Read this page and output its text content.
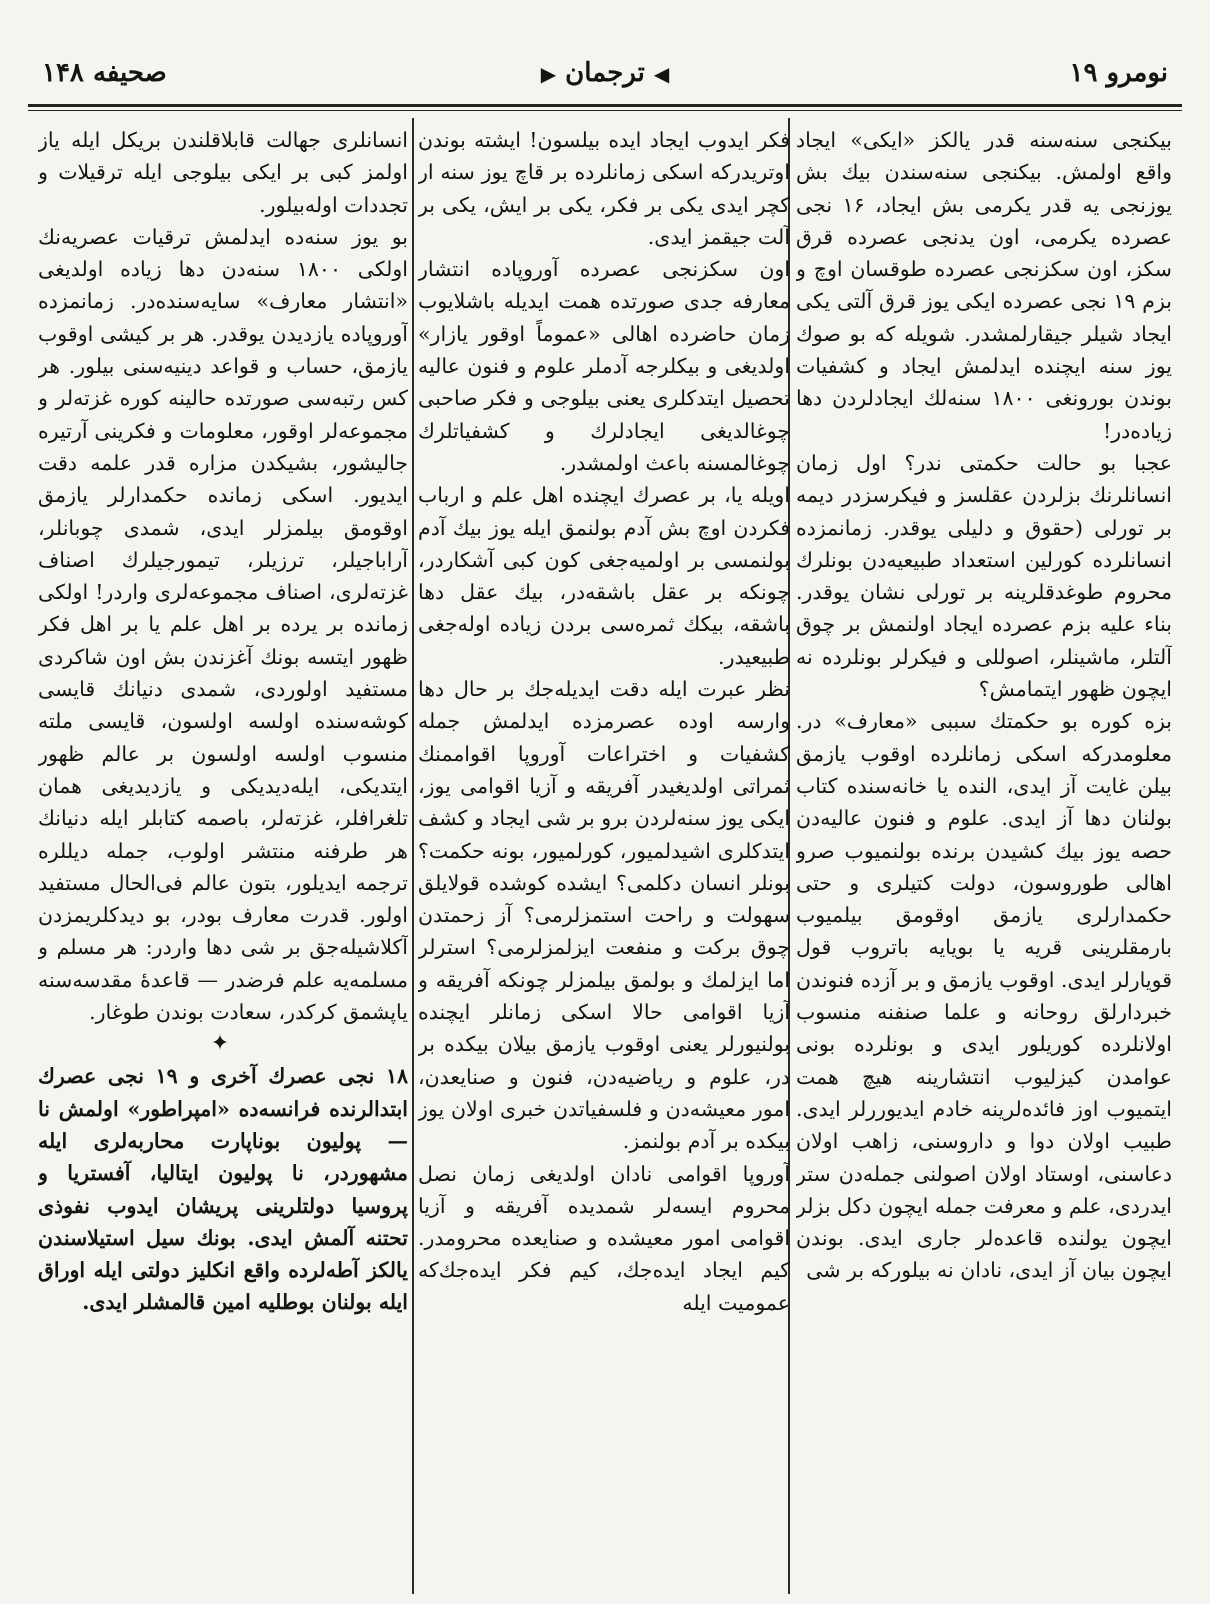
صحیفه ۱۴۸	◀ ترجمان ▶	نومرو ۱۹

بیکنجی سنه‌سنه قدر یالکز «ایکی» ایجاد واقع اولمش. بیکنجی سنه‌سندن بیك بش یوزنجی یه قدر یکرمی بش ایجاد، ۱۶ نجی عصرده یکرمی، اون یدنجی عصرده قرق سکز، اون سکزنجی عصرده طوقسان اوچ و بزم ۱۹ نجی عصرده ایکی یوز قرق آلتی یکی ایجاد شیلر جیقارلمشدر. شویله که بو صوك یوز سنه ایچنده ایدلمش ایجاد و کشفیات بوندن بورونغی ۱۸۰۰ سنه‌لك ایجادلردن دها زیاده‌در!

عجبا بو حالت حکمتی ندر؟ اول زمان انسانلرنك بزلردن عقلسز و فیکرسزدر دیمه بر تورلی (حقوق و دلیلی یوقدر. زمانمزده انسانلرده کورلین استعداد طبیعیه‌دن بونلرك محروم طوغدقلرینه بر تورلی نشان یوقدر. بناء علیه بزم عصرده ایجاد اولنمش بر چوق آلتلر، ماشینلر، اصوللی و فیکرلر بونلرده نه ایچون ظهور ایتمامش؟

بزه کوره بو حکمتك سببی «معارف» در. معلومدرکه اسکی زمانلرده اوقوب یازمق بیلن غایت آز ایدی، الندە یا خانه‌سنده کتاب بولنان دها آز ایدی. علوم و فنون عالیه‌دن حصه یوز بیك کشیدن برنده بولنمیوب صرو اهالی طوروسون، دولت کتیلری و حتی حکمدارلری یازمق اوقومق بیلمیوب بارمقلرینی قریه یا بویایه باتروب قول قویارلر ایدی. اوقوب یازمق و بر آزده فنوندن خبردارلق روحانه و علما صنفنه منسوب اولانلرده کوریلور ایدی و بونلرده بونی عوامدن کیزلیوب انتشارینه هیچ همت ایتمیوب اوز فائده‌لرینه خادم ایدیوررلر ایدی. طبیب اولان دوا و داروسنی، زاهب اولان دعاسنی، اوستاد اولان اصولنی جمله‌دن ستر ایدردی، علم و معرفت جمله ایچون دکل بزلر ایچون یولنده قاعده‌لر جاری ایدی. بوندن ایچون بیان آز ایدی، نادان نه بیلورکه بر شی

فکر ایدوب ایجاد ایده بیلسون! ایشته بوندن اوتریدرکه اسکی زمانلرده بر قاچ یوز سنه ار کچر ایدی یکی بر فکر، یکی بر ایش، یکی بر آلت جیقمز ایدی.

اون سکزنجی عصرده آوروپاده انتشار معارفه جدی صورتده همت ایدیله باشلایوب زمان حاضرده اهالی «عموماً اوقور یازار» اولدیغی و بیکلرجه آدملر علوم و فنون عالیه تحصیل ایتدکلری یعنی بیلوجی و فکر صاحبی چوغالدیغی ایجادلرك و کشفیاتلرك چوغالمسنه باعث اولمشدر.

اویله یا، بر عصرك ایچنده اهل علم و ارباب فکردن اوچ بش آدم بولنمق ایله یوز بیك آدم بولنمسی بر اولمیه‌جغی کون کبی آشکاردر، چونکه بر عقل باشقه‌در، بیك عقل دها باشقه، بیکك ثمره‌سی بردن زیاده اوله‌جغی طبیعیدر.

نظر عبرت ایله دقت ایدیله‌جك بر حال دها وارسه اوده عصرمزده ایدلمش جمله کشفیات و اختراعات آوروپا اقواممنك ثمراتی اولدیغیدر آفریقه و آزیا اقوامی یوز، ایکی یوز سنه‌لردن برو بر شی ایجاد و کشف ایتدکلری اشیدلمیور، کورلمیور، بونه حکمت؟ بونلر انسان دکلمی؟ ایشده کوشده قولایلق سهولت و راحت استمزلرمی؟ آز زحمتدن چوق برکت و منفعت ایزلمزلرمی؟ استرلر اما ایزلمك و بولمق بیلمزلر چونکه آفریقه و آزیا اقوامی حالا اسکی زمانلر ایچنده بولنیورلر یعنی اوقوب یازمق بیلان بیکده بر در، علوم و ریاضیه‌دن، فنون و صنایعدن، امور معیشه‌دن و فلسفیاتدن خبری اولان یوز بیکده بر آدم بولنمز.

آوروپا اقوامی نادان اولدیغی زمان نصل محروم ایسه‌لر شمدیده آفریقه و آزیا اقوامی امور معیشده و صنایعده محرومدر. کیم ایجاد ایده‌جك، کیم فکر ایده‌جك‌که عمومیت ایله

انسانلری جهالت قابلاقلندن بریکل ایله یاز اولمز کبی بر ایکی بیلوجی ایله ترقیلات و تجددات اوله‌بیلور.

بو یوز سنه‌ده ایدلمش ترقیات عصریه‌نك اولکی ۱۸۰۰ سنه‌دن دها زیاده اولدیغی «انتشار معارف» سایه‌سنده‌در. زمانمزده آوروپاده یازدیدن یوقدر. هر بر کیشی اوقوب یازمق، حساب و قواعد دینیه‌سنی بیلور. هر کس رتبه‌سی صورتده حالینه کوره غزته‌لر و مجموعه‌لر اوقور، معلومات و فکرینی آرتیره جالیشور، بشیکدن مزاره قدر علمه دقت ایدیور. اسکی زمانده حکمدارلر یازمق اوقومق بیلمزلر ایدی، شمدی چوبانلر، آراباجیلر، ترزیلر، تیمورجیلرك اصناف غزته‌لری، اصناف مجموعه‌لری واردر! اولکی زمانده بر یرده بر اهل علم یا بر اهل فکر ظهور ایتسه بونك آغزندن بش اون شاکردی مستفید اولوردی، شمدی دنیانك قایسی کوشه‌سنده اولسه اولسون، قایسی ملته منسوب اولسه اولسون بر عالم ظهور ایتدیکی، ایله‌دیدیکی و یازدیدیغی همان تلغرافلر، غزته‌لر، باصمه کتابلر ایله دنیانك هر طرفنه منتشر اولوب، جمله دیللره ترجمه ایدیلور، بتون عالم فی‌الحال مستفید اولور. قدرت معارف بودر، بو دیدکلریمزدن آکلاشیله‌جق بر شی دها واردر: هر مسلم و مسلمه‌یه علم فرضدر — قاعدهٔ مقدسه‌سنه یاپشمق کرکدر، سعادت بوندن طوغار.

✦

۱۸ نجی عصرك آخری و ۱۹ نجی عصرك ابتدالرنده فرانسه‌ده «امپراطور» اولمش نا — پولیون بوناپارت محاربه‌لری ایله مشهوردر، نا پولیون ایتالیا، آفستریا و پروسیا دولتلرینی پریشان ایدوب نفوذی تحتنه آلمش ایدی. بونك سیل استیلاسندن یالکز آطه‌لرده واقع انکلیز دولتی ایله اوراق ایله بولنان بوطلیه امین قالمشلر ایدی.
